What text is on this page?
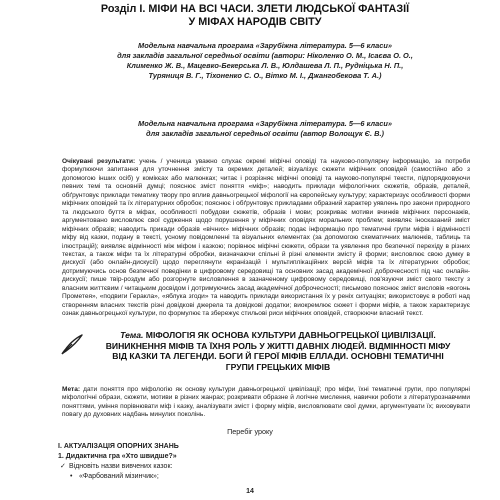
Розділ І. МІФИ НА ВСІ ЧАСИ. ЗЛЕТИ ЛЮДСЬКОЇ ФАНТАЗІЇ
У МІФАХ НАРОДІВ СВІТУ

Модельна навчальна програма «Зарубіжна література. 5—6 класи»

для закладів загальної середньої освіти (автори: Ніколенко О. М., Ісаєва О. О.,

Клименко Ж. В., Мацевко-Бекерська Л. В., Юлдашева Л. П., Рудніцька Н. П.,

Туряниця В. Г., Тіхоненко С. О., Вітко М. І., Джангобекова Т. А.)

Модельна навчальна програма «Зарубіжна література. 5—6 класи»

для закладів загальної середньої освіти (автор Волощук Є. В.)

Очікувані результати: учень / ученица уважно слухає окремі міфічні оповіді та науково-популярну інформацію, за потреби формулюючи запитання для уточнення змісту та окремих деталей; візуалізує сюжети міфічних оповідей (самостійно або з допомогою інших осіб) у комікєах або малюнках; читає і розрізняє міфічні оповіді та науково-популярні тексти, підпорядковуючи певних темі та основній думці; пояснює зміст поняття «міф»; наводить приклади міфологічних сюжетів, образів, деталей, обґрунтовує приклади тематику твору про вплив давньогрецької міфології на європейську культуру; характеризує особливості форми міфічних оповідей та їх літературних обробок; пояснює і обґрунтовує прикладами образний характер уявлень про закони природного та людського буття в міфах, особливості побудови сюжетів, образів і мови; розкриває мотиви вчинків міфічних персонажів, аргументовано висловлює свої судження щодо порушення у міфічних оповідях моральних проблем; виявляє іносказаний зміст міфічних образів; наводить прикади образів «вічних» міфічних образів; подає інформацію про тематичні групи міфів і відмінності міфу від казки, подану в тексті, усному повідомленні та візуальних елементах (за допомогою схематичних малюнків, таблиць та ілюстрацій); виявляє відмінності між міфом і казкою; порівнює міфічні сюжети, образи та уявлення про безпечної перехіду в різних текстах, а також міфи та їх літературні обробки, визначаючи спільні й різні елементи змісту й форми; висловлює свою думку в дискусії (або онлайн-дискусії) щодо переглянути екранізацій і мультиплікаційних версій міфів та їх літературних обробок; дотримуючись основ безпечної поведінки в цифровому середовищі та основних засад академічної доброчесності під час онлайн-дискусії; пише твір-роздум або розгорнуте висловлення в зазначеному цифровому середовищі, пов'язуючи зміст свого тексту з власним життєвим / читацьким досвідом і дотримуючись засад академічної доброчесності; письмово пояснює зміст висловів «вогонь Прометея», «подвиги Геракла», «яблука згоди» та наводить приклади використання їх у реніх ситуаціях; використовує в роботі над створенням власних текстів різні довідкові джерела та довідкові додатки; виокремлює сюжет і форми міфів, а також характеризує ознак давньогрецької культури, по формулює та збережує стильові риси міфічних оповідей, створюючи власний текст.
Тема. МІФОЛОГІЯ ЯК ОСНОВА КУЛЬТУРИ ДАВНЬОГРЕЦЬКОЇ ЦИВІЛІЗАЦІЇ.
ВИНИКНЕННЯ МІФІВ ТА ЇХНЯ РОЛЬ У ЖИТТІ ДАВНІХ ЛЮДЕЙ. ВІДМІННОСТІ МІФУ
ВІД КАЗКИ ТА ЛЕГЕНДИ. БОГИ Й ГЕРОЇ МІФІВ ЕЛЛАДИ. ОСНОВНІ ТЕМАТИЧНІ
ГРУПИ ГРЕЦЬКИХ МІФІВ
Мета: дати поняття про міфологію як основу культури давньогрецької цивілізації; про міфи, їхні тематичні групи, про популярні міфологічні образи, сюжети, мотиви в різних жанрах; розкривати образне й логічне мислення, навички роботи з літературознавчими поняттями, уміння порівнювати міф і казку, аналізувати зміст і форму міфів, висловлювати свої думки, аргументувати їх; виховувати повагу до духовних надбань минулих поколінь.
Перебіг уроку
І. АКТУАЛІЗАЦІЯ ОПОРНИХ ЗНАНЬ
1. Дидактична гра «Хто швидше?»
✓ Відновіть назви вивчених казок:
• «Фарбований мізинчик»;
14
